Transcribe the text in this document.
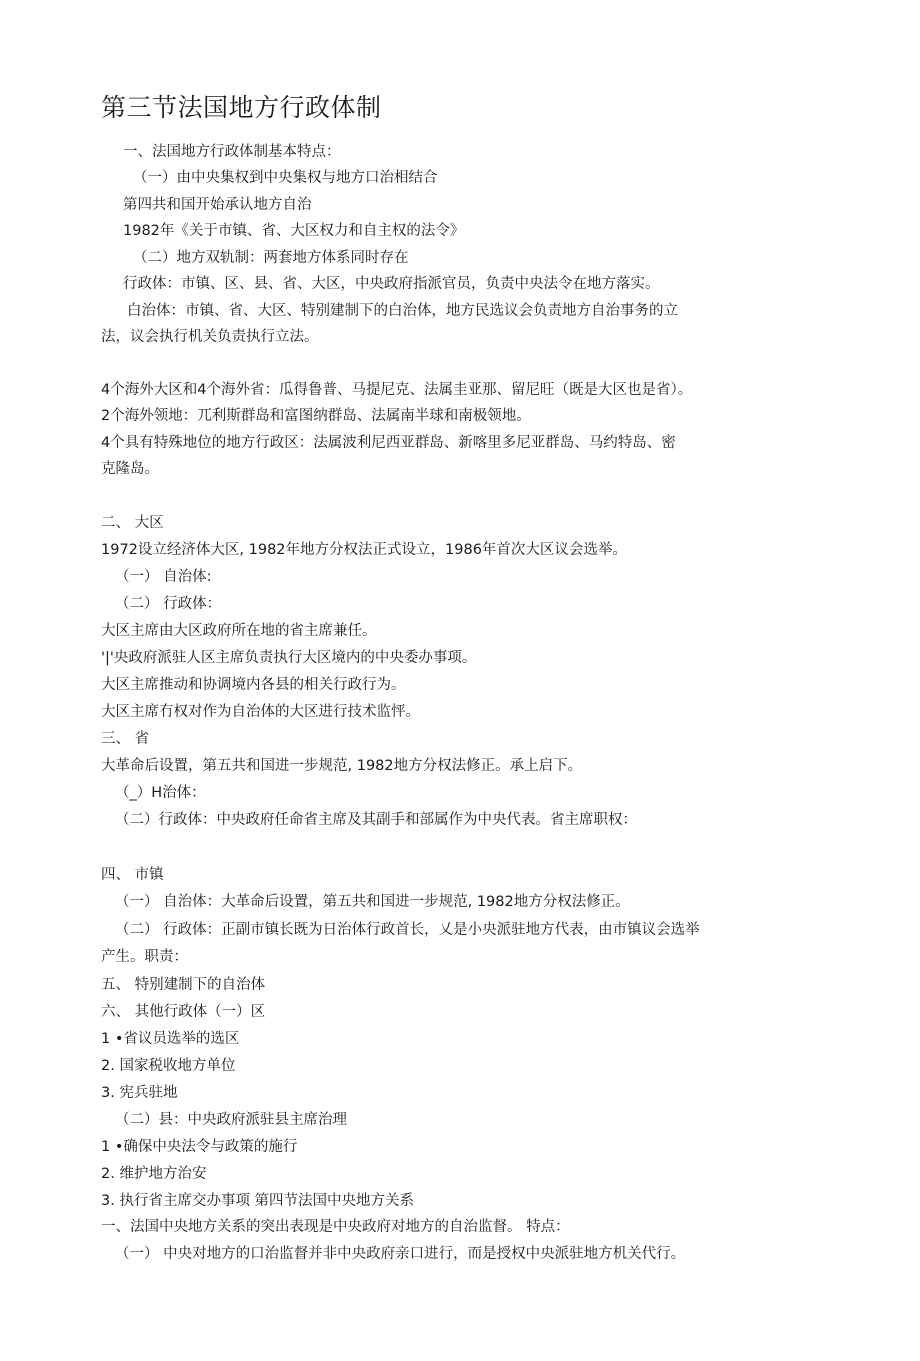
第三节法国地方行政体制

一、法国地方行政体制基本特点：

（一）由中央集权到中央集权与地方口治相结合

第四共和国开始承认地方自治

1982年《关于市镇、省、大区权力和自主权的法令》

（二）地方双轨制：两套地方体系同时存在

行政体：市镇、区、县、省、大区，中央政府指派官员，负责中央法令在地方落实。

白治体：市镇、省、大区、特别建制下的白治体，地方民选议会负责地方自治事务的立

法，议会执行机关负责执行立法。

4个海外大区和4个海外省：瓜得鲁普、马提尼克、法属圭亚那、留尼旺（既是大区也是省）。

2个海外领地：兀利斯群岛和富图纳群岛、法属南半球和南极领地。

4个具有特殊地位的地方行政区：法属波利尼西亚群岛、新喀里多尼亚群岛、马约特岛、密

克隆岛。

二、 大区

1972设立经济体大区, 1982年地方分权法正式设立，1986年首次大区议会选举。

（一） 自治体:

（二） 行政体：

大区主席由大区政府所在地的省主席兼任。

'|'央政府派驻人区主席负责执行大区境内的中央委办事项。

大区主席推动和协调境内各县的相关行政行为。

大区主席冇权对作为自治体的大区进行技术监怦。

三、 省

大革命后设置，第五共和国进一步规范, 1982地方分权法修正。承上启下。

（_）H治体：

（二）行政体：中央政府任命省主席及其副手和部属作为中央代表。省主席职权：

四、 市镇

（一） 自治体：大革命后设置，第五共和国进一步规范, 1982地方分权法修正。

（二） 行政体：正副市镇长既为日治体行政首长，乂是小央派驻地方代表，由市镇议会选举

产生。职责：

五、 特别建制下的自治体

六、 其他行政体（一）区

1 •省议员选举的选区

2. 国家税收地方单位

3. 宪兵驻地

（二）县：中央政府派驻县主席治理

1 •确保中央法令与政策的施行

2. 维护地方治安

3. 执行省主席交办事项 第四节法国中央地方关系

一、法国中央地方关系的突出表现是中央政府对地方的自治监督。 特点：

（一） 中央对地方的口治监督并非中央政府亲口进行，而是授权中央派驻地方机关代行。
